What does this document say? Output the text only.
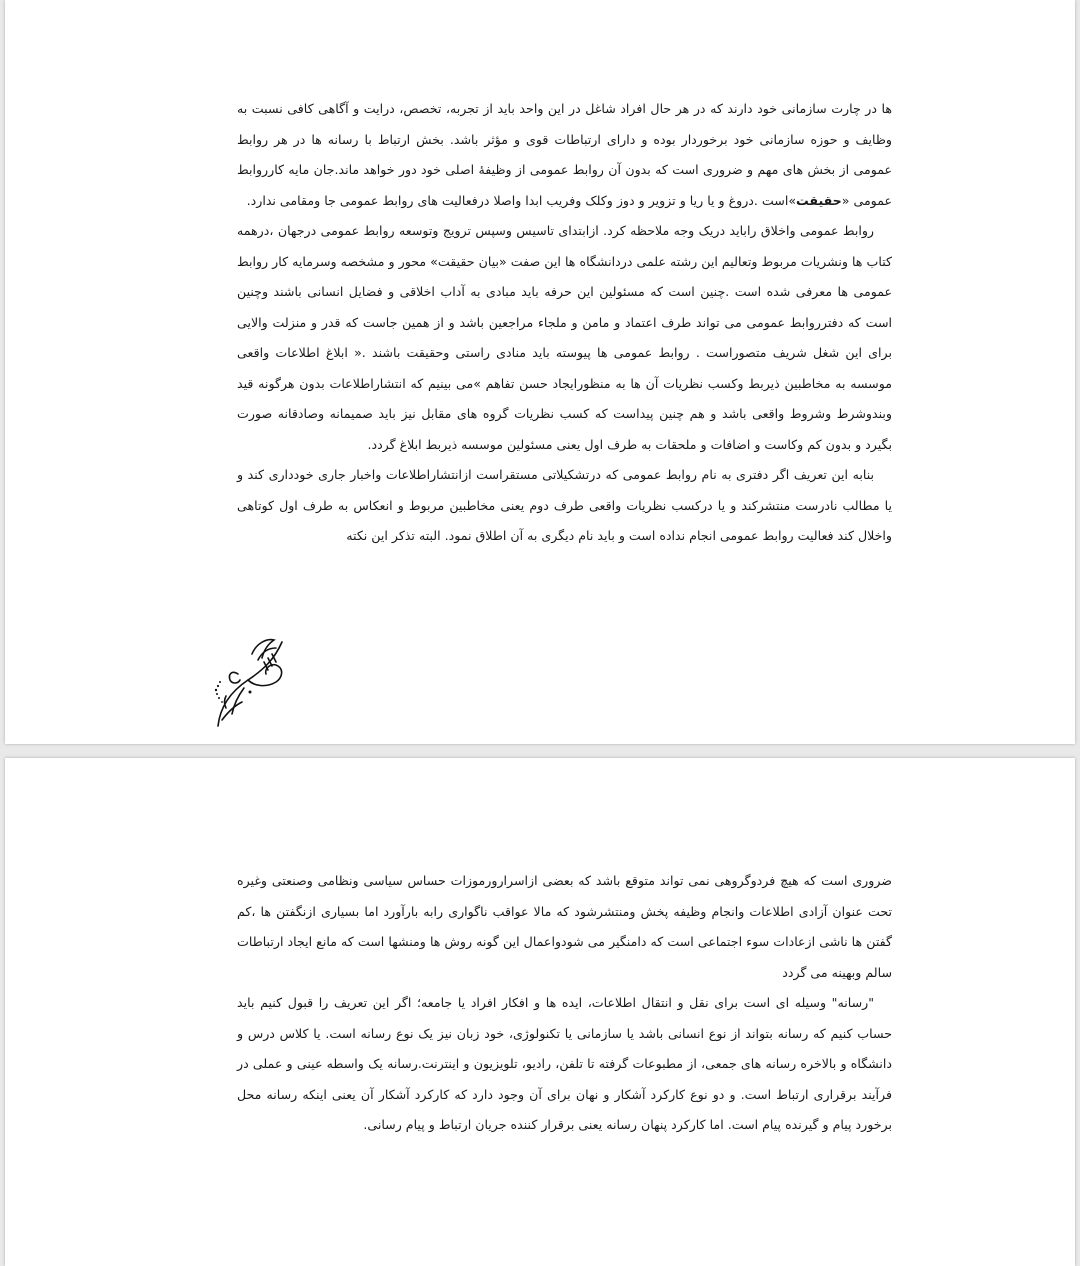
ها در چارت سازمانی خود دارند که در هر حال افراد شاغل در این واحد باید از تجربه، تخصص، درایت و آگاهی کافی نسبت به وظایف و حوزه سازمانی خود برخوردار بوده و دارای ارتباطات قوی و مؤثر باشد. بخش ارتباط با رسانه ها در هر روابط عمومی از بخش های مهم و ضروری است که بدون آن روابط عمومی از وظیفهٔ اصلی خود دور خواهد ماند.جان مایه کارروابط عمومی «حقیقت»است .دروغ و یا ریا و تزویر و دوز وکلک وفریب ابدا واصلا درفعالیت های روابط عمومی جا ومقامی ندارد.

روابط عمومی واخلاق رابايد دريک وجه ملاحظه کرد. ازابتدای تاسیس وسپس ترويج وتوسعه روابط عمومی درجهان ،درهمه کتاب ها ونشريات مربوط وتعاليم اين رشته علمی دردانشگاه ها اين صفت «بيان حقيقت» محور و مشخصه وسرمايه کار روابط عمومی ها معرفی شده است .چنين است که مسئولين اين حرفه بايد مبادی به آداب اخلاقی و فضايل انسانی باشند وچنين است که دفترروابط عمومی می تواند طرف اعتماد و مامن و ملجاء مراجعين باشد و از همين جاست که قدر و منزلت والايی برای اين شغل شريف متصوراست . روابط عمومی ها پيوسته بايد منادی راستی وحقيقت باشند .« ابلاغ اطلاعات واقعی موسسه به مخاطبين ذيربط وكسب نظريات آن ها به منظورايجاد حسن تفاهم »می بينيم که انتشاراطلاعات بدون هرگونه قيد وبندوشرط وشروط واقعی باشد و هم چنين پيداست که کسب نظريات گروه های مقابل نيز بايد صميمانه وصادقانه صورت بگيرد و بدون کم وكاست و اضافات و ملحقات به طرف اول يعنی مسئولين موسسه ذيربط ابلاغ گردد.

بنابه اين تعريف اگر دفتری به نام روابط عمومی که درتشکيلاتی مستقراست ازانتشاراطلاعات واخبار جاری خودداری کند و يا مطالب نادرست منتشرکند و يا درکسب نظريات واقعی طرف دوم يعنی مخاطبين مربوط و انعکاس به طرف اول کوتاهی واخلال کند فعاليت روابط عمومی انجام نداده است و بايد نام ديگری به آن اطلاق نمود. البته تذکر اين نکته

ضروری است که هيچ فردوگروهی نمی تواند متوقع باشد که بعضی ازاسرارورموزات حساس سياسی ونظامی وصنعتی وغيره تحت عنوان آزادی اطلاعات وانجام وظيفه پخش ومنتشرشود که مالا عواقب ناگواری رابه بارآورد اما بسياری ازنگفتن ها ،کم گفتن ها ناشی ازعادات سوء اجتماعی است که دامنگير می شودواعمال اين گونه روش ها ومنشها است که مانع ايجاد ارتباطات سالم وبهينه می گردد

"رسانه" وسیله ای است برای نقل و انتقال اطلاعات، ایده ها و افکار افراد یا جامعه؛ اگر این تعریف را قبول کنیم باید حساب کنیم که رسانه بتواند از نوع انسانی باشد یا سازمانی یا تکنولوژی، خود زبان نیز یک نوع رسانه است. یا کلاس درس و دانشگاه و بالاخره رسانه های جمعی، از مطبوعات گرفته تا تلفن، رادیو، تلویزیون و اینترنت.رسانه یک واسطه عینی و عملی در فرآیند برقراری ارتباط است. و دو نوع کارکرد آشکار و نهان برای آن وجود دارد که کارکرد آشکار آن یعنی اینکه رسانه محل برخورد پیام و گیرنده پیام است. اما کارکرد پنهان رسانه یعنی برقرار کننده جریان ارتباط و پیام رسانی.
